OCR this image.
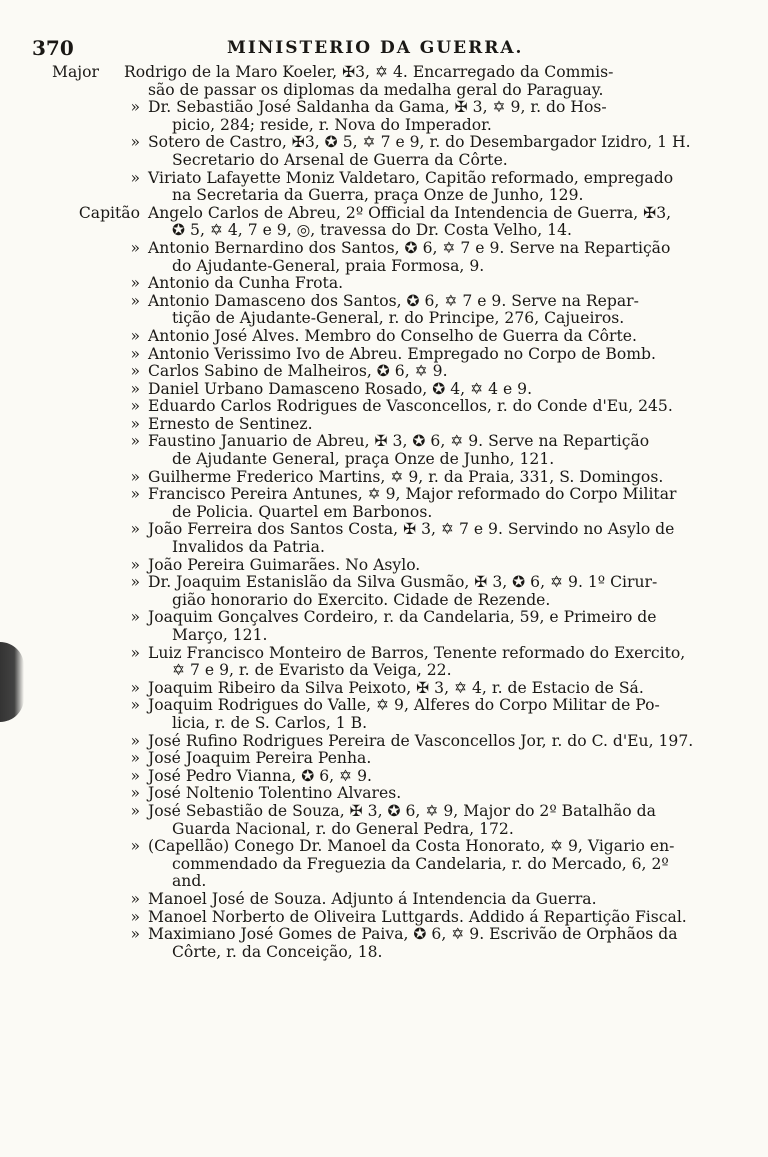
370	MINISTERIO DA GUERRA.
Major	Rodrigo de la Maro Koeler, ✠3, ✡ 4. Encarregado da Commis-
são de passar os diplomas da medalha geral do Paraguay.
» Dr. Sebastião José Saldanha da Gama, ✠ 3, ✡ 9, r. do Hos-
picio, 284; reside, r. Nova do Imperador.
» Sotero de Castro, ✠3, ✪ 5, ✡ 7 e 9, r. do Desembargador Izidro, 1 H.
Secretario do Arsenal de Guerra da Côrte.
» Viriato Lafayette Moniz Valdetaro, Capitão reformado, empregado
na Secretaria da Guerra, praça Onze de Junho, 129.
Capitão Angelo Carlos de Abreu, 2º Official da Intendencia de Guerra, ✠3,
✪ 5, ✡ 4, 7 e 9, ◎, travessa do Dr. Costa Velho, 14.
» Antonio Bernardino dos Santos, ✪ 6, ✡ 7 e 9. Serve na Repartição
do Ajudante-General, praia Formosa, 9.
» Antonio da Cunha Frota.
» Antonio Damasceno dos Santos, ✪ 6, ✡ 7 e 9. Serve na Repar-
tição de Ajudante-General, r. do Principe, 276, Cajueiros.
» Antonio José Alves. Membro do Conselho de Guerra da Côrte.
» Antonio Verissimo Ivo de Abreu. Empregado no Corpo de Bomb.
» Carlos Sabino de Malheiros, ✪ 6, ✡ 9.
» Daniel Urbano Damasceno Rosado, ✪ 4, ✡ 4 e 9.
» Eduardo Carlos Rodrigues de Vasconcellos, r. do Conde d'Eu, 245.
» Ernesto de Sentinez.
» Faustino Januario de Abreu, ✠ 3, ✪ 6, ✡ 9. Serve na Repartição
de Ajudante General, praça Onze de Junho, 121.
» Guilherme Frederico Martins, ✡ 9, r. da Praia, 331, S. Domingos.
» Francisco Pereira Antunes, ✡ 9, Major reformado do Corpo Militar
de Policia. Quartel em Barbonos.
» João Ferreira dos Santos Costa, ✠ 3, ✡ 7 e 9. Servindo no Asylo de
Invalidos da Patria.
» João Pereira Guimarães. No Asylo.
» Dr. Joaquim Estanislão da Silva Gusmão, ✠ 3, ✪ 6, ✡ 9. 1º Cirur-
gião honorario do Exercito. Cidade de Rezende.
» Joaquim Gonçalves Cordeiro, r. da Candelaria, 59, e Primeiro de
Março, 121.
» Luiz Francisco Monteiro de Barros, Tenente reformado do Exercito,
✡ 7 e 9, r. de Evaristo da Veiga, 22.
» Joaquim Ribeiro da Silva Peixoto, ✠ 3, ✡ 4, r. de Estacio de Sá.
» Joaquim Rodrigues do Valle, ✡ 9, Alferes do Corpo Militar de Po-
licia, r. de S. Carlos, 1 B.
» José Rufino Rodrigues Pereira de Vasconcellos Jor, r. do C. d'Eu, 197.
» José Joaquim Pereira Penha.
» José Pedro Vianna, ✪ 6, ✡ 9.
» José Noltenio Tolentino Alvares.
» José Sebastião de Souza, ✠ 3, ✪ 6, ✡ 9, Major do 2º Batalhão da
Guarda Nacional, r. do General Pedra, 172.
» (Capellão) Conego Dr. Manoel da Costa Honorato, ✡ 9, Vigario en-
commendado da Freguezia da Candelaria, r. do Mercado, 6, 2º and.
» Manoel José de Souza. Adjunto á Intendencia da Guerra.
» Manoel Norberto de Oliveira Luttgards. Addido á Repartição Fiscal.
» Maximiano José Gomes de Paiva, ✪ 6, ✡ 9. Escrivão de Orphãos da
Côrte, r. da Conceição, 18.
